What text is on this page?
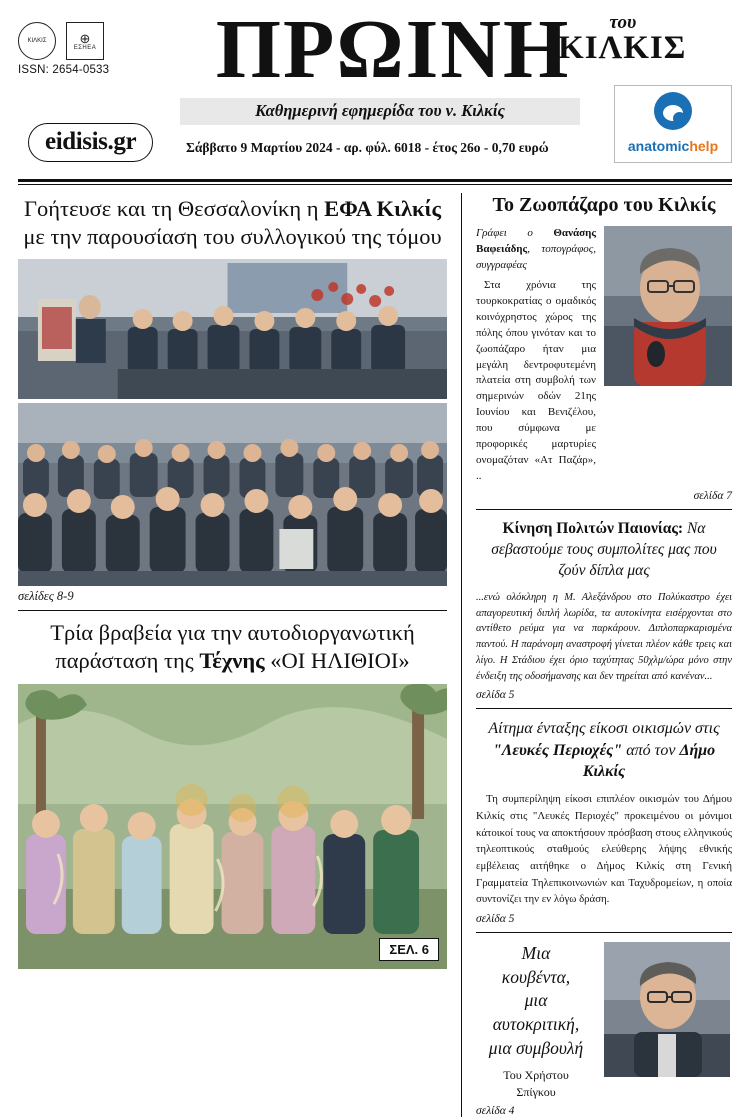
ΚΙΛΚΙΣ	⊕
ΕΣΗΕΑ
ISSN: 2654-0533	ΠΡΩΙΝΗ του
ΚΙΛΚΙΣ
Καθημερινή εφημερίδα του ν. Κιλκίς
eidisis.gr	Σάββατο 9 Μαρτίου 2024 - αρ. φύλ. 6018 - έτος 26ο - 0,70 ευρώ	anatomichelp
Γοήτευσε και τη Θεσσαλονίκη η ΕΦΑ Κιλκίς
με την παρουσίαση του συλλογικού της τόμου
σελίδες 8-9
Τρία βραβεία για την αυτοδιοργανωτική
παράσταση της Τέχνης «ΟΙ ΗΛΙΘΙΟΙ»
ΣΕΛ. 6
Το Ζωοπάζαρο του Κιλκίς
Γράφει ο Θανάσης Βαφειάδης, τοπογράφος, συγγραφέας
Στα χρόνια της τουρκοκρατίας ο ομαδικός κοινόχρηστος χώρος της πόλης όπου γινόταν και το ζωοπάζαρο ήταν μια μεγάλη δεντροφυτεμένη πλατεία στη συμβολή των σημερινών οδών 21ης Ιουνίου και Βενιζέλου, που σύμφωνα με προφορικές μαρτυρίες ονομαζόταν «Ατ Παζάρ», ..
σελίδα 7
Κίνηση Πολιτών Παιονίας: Να σεβαστούμε τους συμπολίτες μας που ζούν δίπλα μας
...ενώ ολόκληρη η Μ. Αλεξάνδρου στο Πολύκαστρο έχει απαγορευτική διπλή λωρίδα, τα αυτοκίνητα εισέρχονται στο αντίθετο ρεύμα για να παρκάρουν. Διπλοπαρκαρισμένα παντού. Η παράνομη αναστροφή γίνεται πλέον κάθε τρεις και λίγο. Η Στάδιου έχει όριο ταχύτητας 50χλμ/ώρα μόνο στην ένδειξη της οδοσήμανσης και δεν τηρείται από κανέναν...
σελίδα 5
Αίτημα ένταξης είκοσι οικισμών στις
"Λευκές Περιοχές" από τον Δήμο Κιλκίς
Τη συμπερίληψη είκοσι επιπλέον οικισμών του Δήμου Κιλκίς στις "Λευκές Περιοχές" προκειμένου οι μόνιμοι κάτοικοί τους να αποκτήσουν πρόσβαση στους ελληνικούς τηλεοπτικούς σταθμούς ελεύθερης λήψης εθνικής εμβέλειας αιτήθηκε ο Δήμος Κιλκίς στη Γενική Γραμματεία Τηλεπικοινωνιών και Ταχυδρομείων, η οποία συντονίζει την εν λόγω δράση.
σελίδα 5
Μια
κουβέντα,
μια
αυτοκριτική,
μια συμβουλή
Του Χρήστου
Σπίγκου
σελίδα 4
